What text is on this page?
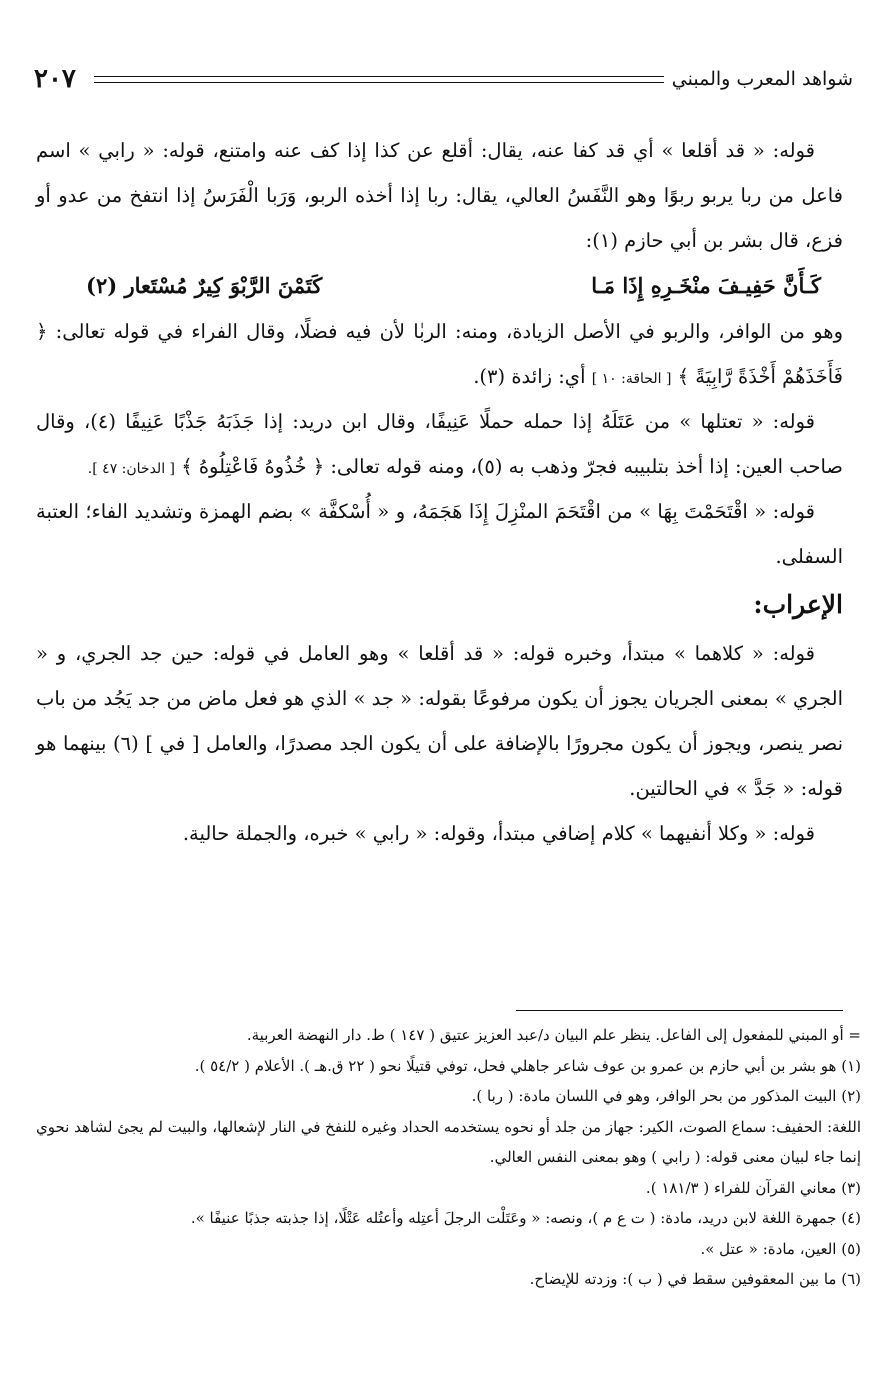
٢٠٧	شواهد المعرب والمبني

قوله: « قد أقلعا » أي قد كفا عنه، يقال: أقلع عن كذا إذا كف عنه وامتنع، قوله: « رابي » اسم فاعل من ربا يربو ربوًا وهو النَّفَسُ العالي، يقال: ربا إذا أخذه الربو، وَرَبا الْفَرَسُ إذا انتفخ من عدو أو فزع، قال بشر بن أبي حازم (١):

كَـأَنَّ حَفِيـفَ منْخَـرِهِ إِذَا مَـا
كَتَمْنَ الرَّبْوَ كِيرٌ مُسْتَعار (٢)

وهو من الوافر، والربو في الأصل الزيادة، ومنه: الربٰا لأن فيه فضلًا، وقال الفراء في قوله تعالى: ﴿ فَأَخَذَهُمْ أَخْذَةً رَّابِيَةً ﴾ [ الحاقة: ١٠ ] أي: زائدة (٣).

قوله: « تعتلها » من عَتَلَهُ إذا حمله حملًا عَنِيفًا، وقال ابن دريد: إذا جَذَبَهُ جَذْبًا عَنِيفًا (٤)، وقال صاحب العين: إذا أخذ بتلبيبه فجرّ وذهب به (٥)، ومنه قوله تعالى: ﴿ خُذُوهُ فَاعْتِلُوهُ ﴾ [ الدخان: ٤٧ ].

قوله: « اقْتَحَمْتَ بِهَا » من اقْتَحَمَ المنْزِلَ إِذَا هَجَمَهُ، و « أُسْكفَّة » بضم الهمزة وتشديد الفاء؛ العتبة السفلى.

الإعراب:

قوله: « كلاهما » مبتدأ، وخبره قوله: « قد أقلعا » وهو العامل في قوله: حين جد الجري، و « الجري » بمعنى الجريان يجوز أن يكون مرفوعًا بقوله: « جد » الذي هو فعل ماض من جد يَجُد من باب نصر ينصر، ويجوز أن يكون مجرورًا بالإضافة على أن يكون الجد مصدرًا، والعامل [ في ] (٦) بينهما هو قوله: « جَدَّ » في الحالتين.

قوله: « وكلا أنفيهما » كلام إضافي مبتدأ، وقوله: « رابي » خبره، والجملة حالية.

= أو المبني للمفعول إلى الفاعل. ينظر علم البيان د/عبد العزيز عتيق ( ١٤٧ ) ط. دار النهضة العربية.

(١) هو بشر بن أبي حازم بن عمرو بن عوف شاعر جاهلي فحل، توفي قتيلًا نحو ( ٢٢ ق.هـ ). الأعلام ( ٥٤/٢ ).

(٢) البيت المذكور من بحر الوافر، وهو في اللسان مادة: ( ربا ).

اللغة: الحفيف: سماع الصوت، الكير: جهاز من جلد أو نحوه يستخدمه الحداد وغيره للنفخ في النار لإشعالها، والبيت لم يجئ لشاهد نحوي إنما جاء لبيان معنى قوله: ( رابي ) وهو بمعنى النفس العالي.

(٣) معاني القرآن للفراء ( ١٨١/٣ ).

(٤) جمهرة اللغة لابن دريد، مادة: ( ت ع م )، ونصه: « وعَتَلْت الرجلَ أعتِله وأعتُله عَتْلًا، إذا جذبته جذبًا عنيفًا ».

(٥) العين، مادة: « عتل ».

(٦) ما بين المعقوفين سقط في ( ب ): وزدته للإيضاح.
